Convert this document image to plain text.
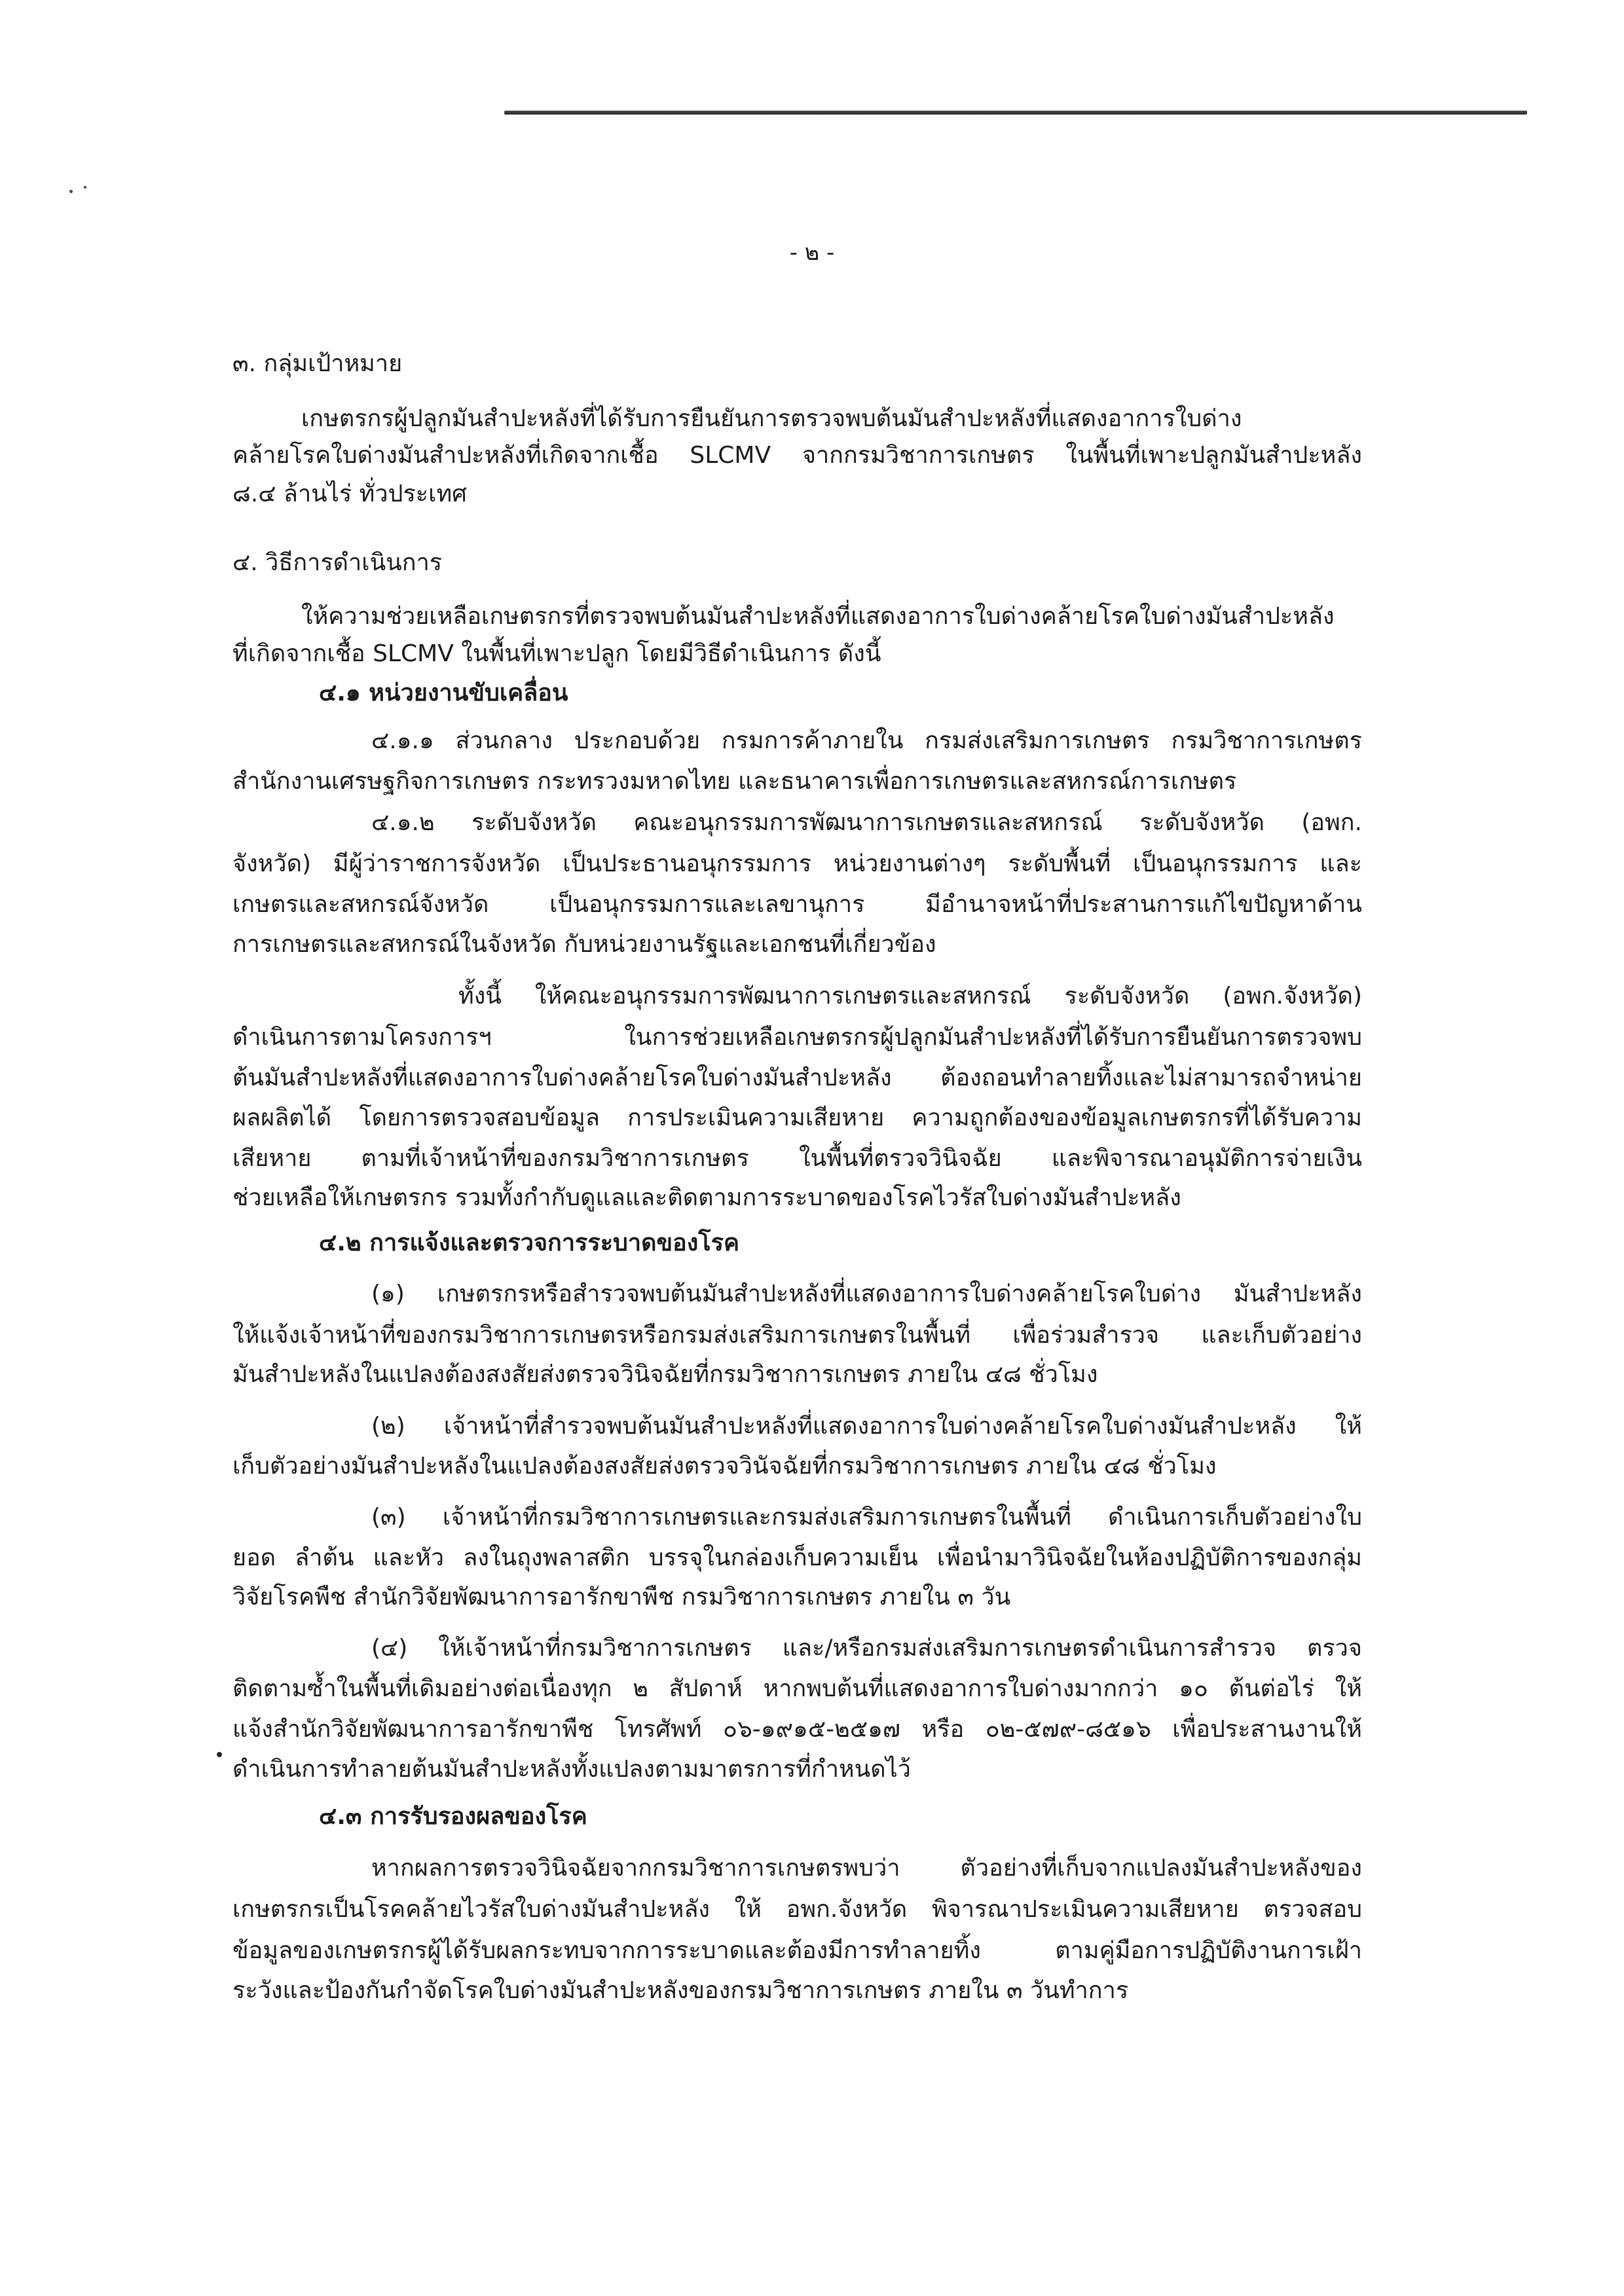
- ๒ -
๓. กลุ่มเป้าหมาย
เกษตรกรผู้ปลูกมันสำปะหลังที่ได้รับการยืนยันการตรวจพบต้นมันสำปะหลังที่แสดงอาการใบด่าง
คล้ายโรคใบด่างมันสำปะหลังที่เกิดจากเชื้อ SLCMV จากกรมวิชาการเกษตร ในพื้นที่เพาะปลูกมันสำปะหลัง
๘.๔ ล้านไร่ ทั่วประเทศ
๔. วิธีการดำเนินการ
ให้ความช่วยเหลือเกษตรกรที่ตรวจพบต้นมันสำปะหลังที่แสดงอาการใบด่างคล้ายโรคใบด่างมันสำปะหลัง
ที่เกิดจากเชื้อ SLCMV ในพื้นที่เพาะปลูก โดยมีวิธีดำเนินการ ดังนี้
๔.๑ หน่วยงานขับเคลื่อน
๔.๑.๑ ส่วนกลาง ประกอบด้วย กรมการค้าภายใน กรมส่งเสริมการเกษตร กรมวิชาการเกษตร
สำนักงานเศรษฐกิจการเกษตร กระทรวงมหาดไทย และธนาคารเพื่อการเกษตรและสหกรณ์การเกษตร
๔.๑.๒ ระดับจังหวัด คณะอนุกรรมการพัฒนาการเกษตรและสหกรณ์ ระดับจังหวัด (อพก.
จังหวัด) มีผู้ว่าราชการจังหวัด เป็นประธานอนุกรรมการ หน่วยงานต่างๆ ระดับพื้นที่ เป็นอนุกรรมการ และ
เกษตรและสหกรณ์จังหวัด เป็นอนุกรรมการและเลขานุการ มีอำนาจหน้าที่ประสานการแก้ไขปัญหาด้าน
การเกษตรและสหกรณ์ในจังหวัด กับหน่วยงานรัฐและเอกชนที่เกี่ยวข้อง
ทั้งนี้ ให้คณะอนุกรรมการพัฒนาการเกษตรและสหกรณ์ ระดับจังหวัด (อพก.จังหวัด)
ดำเนินการตามโครงการฯ ในการช่วยเหลือเกษตรกรผู้ปลูกมันสำปะหลังที่ได้รับการยืนยันการตรวจพบ
ต้นมันสำปะหลังที่แสดงอาการใบด่างคล้ายโรคใบด่างมันสำปะหลัง ต้องถอนทำลายทิ้งและไม่สามารถจำหน่าย
ผลผลิตได้ โดยการตรวจสอบข้อมูล การประเมินความเสียหาย ความถูกต้องของข้อมูลเกษตรกรที่ได้รับความ
เสียหาย ตามที่เจ้าหน้าที่ของกรมวิชาการเกษตร ในพื้นที่ตรวจวินิจฉัย และพิจารณาอนุมัติการจ่ายเงิน
ช่วยเหลือให้เกษตรกร รวมทั้งกำกับดูแลและติดตามการระบาดของโรคไวรัสใบด่างมันสำปะหลัง
๔.๒ การแจ้งและตรวจการระบาดของโรค
(๑) เกษตรกรหรือสำรวจพบต้นมันสำปะหลังที่แสดงอาการใบด่างคล้ายโรคใบด่าง มันสำปะหลัง
ให้แจ้งเจ้าหน้าที่ของกรมวิชาการเกษตรหรือกรมส่งเสริมการเกษตรในพื้นที่ เพื่อร่วมสำรวจ และเก็บตัวอย่าง
มันสำปะหลังในแปลงต้องสงสัยส่งตรวจวินิจฉัยที่กรมวิชาการเกษตร ภายใน ๔๘ ชั่วโมง
(๒) เจ้าหน้าที่สำรวจพบต้นมันสำปะหลังที่แสดงอาการใบด่างคล้ายโรคใบด่างมันสำปะหลัง ให้
เก็บตัวอย่างมันสำปะหลังในแปลงต้องสงสัยส่งตรวจวินัจฉัยที่กรมวิชาการเกษตร ภายใน ๔๘ ชั่วโมง
(๓) เจ้าหน้าที่กรมวิชาการเกษตรและกรมส่งเสริมการเกษตรในพื้นที่ ดำเนินการเก็บตัวอย่างใบ
ยอด ลำต้น และหัว ลงในถุงพลาสติก บรรจุในกล่องเก็บความเย็น เพื่อนำมาวินิจฉัยในห้องปฏิบัติการของกลุ่ม
วิจัยโรคพืช สำนักวิจัยพัฒนาการอารักขาพืช กรมวิชาการเกษตร ภายใน ๓ วัน
(๔) ให้เจ้าหน้าที่กรมวิชาการเกษตร และ/หรือกรมส่งเสริมการเกษตรดำเนินการสำรวจ ตรวจ
ติดตามซ้ำในพื้นที่เดิมอย่างต่อเนื่องทุก ๒ สัปดาห์ หากพบต้นที่แสดงอาการใบด่างมากกว่า ๑๐ ต้นต่อไร่ ให้
แจ้งสำนักวิจัยพัฒนาการอารักขาพืช โทรศัพท์ ๐๖-๑๙๑๕-๒๕๑๗ หรือ ๐๒-๕๗๙-๘๕๑๖ เพื่อประสานงานให้
ดำเนินการทำลายต้นมันสำปะหลังทั้งแปลงตามมาตรการที่กำหนดไว้
๔.๓ การรับรองผลของโรค
หากผลการตรวจวินิจฉัยจากกรมวิชาการเกษตรพบว่า ตัวอย่างที่เก็บจากแปลงมันสำปะหลังของ
เกษตรกรเป็นโรคคล้ายไวรัสใบด่างมันสำปะหลัง ให้ อพก.จังหวัด พิจารณาประเมินความเสียหาย ตรวจสอบ
ข้อมูลของเกษตรกรผู้ได้รับผลกระทบจากการระบาดและต้องมีการทำลายทิ้ง ตามคู่มือการปฏิบัติงานการเฝ้า
ระวังและป้องกันกำจัดโรคใบด่างมันสำปะหลังของกรมวิชาการเกษตร ภายใน ๓ วันทำการ
